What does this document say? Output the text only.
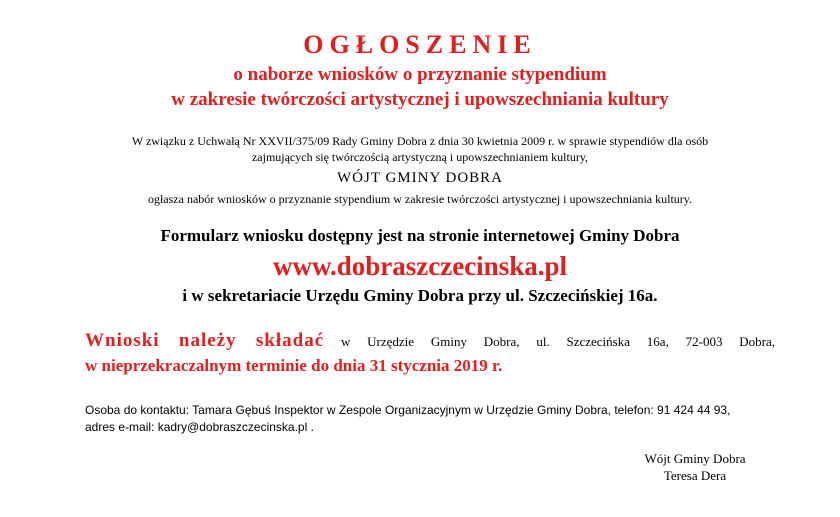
OGŁOSZENIE
o naborze wniosków o przyznanie stypendium
w zakresie twórczości artystycznej i upowszechniania kultury
W związku z Uchwałą Nr XXVII/375/09 Rady Gminy Dobra z dnia 30 kwietnia 2009 r. w sprawie stypendiów dla osób
zajmujących się twórczością artystyczną i upowszechnianiem kultury,
WÓJT GMINY DOBRA
ogłasza nabór wniosków o przyznanie stypendium w zakresie twórczości artystycznej i upowszechniania kultury.
Formularz wniosku dostępny jest na stronie internetowej Gminy Dobra
www.dobraszczecinska.pl
i w sekretariacie Urzędu Gminy Dobra przy ul. Szczecińskiej 16a.
Wnioski należy składać w Urzędzie Gminy Dobra, ul. Szczecińska 16a, 72-003 Dobra,
w nieprzekraczalnym terminie do dnia 31 stycznia 2019 r.
Osoba do kontaktu: Tamara Gębuś Inspektor w Zespole Organizacyjnym w Urzędzie Gminy Dobra, telefon: 91 424 44 93,
adres e-mail: kadry@dobraszczecinska.pl .
Wójt Gminy Dobra
Teresa Dera
